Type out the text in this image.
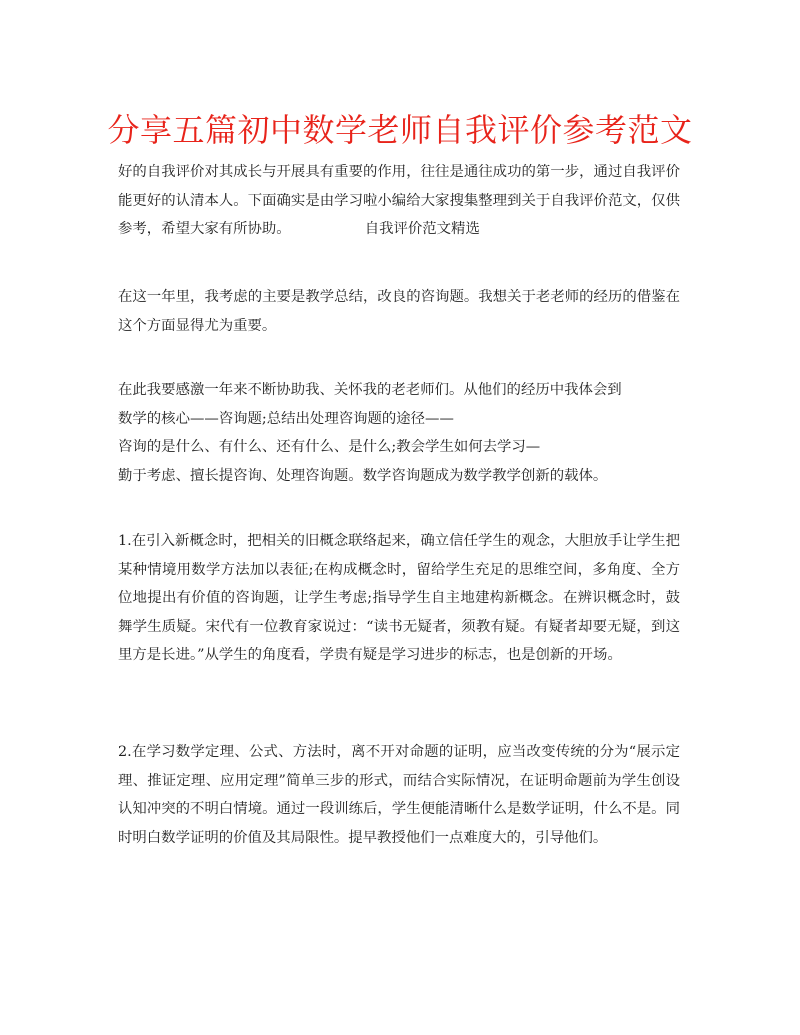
分享五篇初中数学老师自我评价参考范文

好的自我评价对其成长与开展具有重要的作用，往往是通往成功的第一步，通过自我评价能更好的认清本人。下面确实是由学习啦小编给大家搜集整理到关于自我评价范文，仅供参考，希望大家有所协助。	自我评价范文精选

在这一年里，我考虑的主要是教学总结，改良的咨询题。我想关于老老师的经历的借鉴在这个方面显得尤为重要。

在此我要感激一年来不断协助我、关怀我的老老师们。从他们的经历中我体会到
数学的核心——咨询题;总结出处理咨询题的途径——
咨询的是什么、有什么、还有什么、是什么;教会学生如何去学习—
勤于考虑、擅长提咨询、处理咨询题。数学咨询题成为数学教学创新的载体。

1.在引入新概念时，把相关的旧概念联络起来，确立信任学生的观念，大胆放手让学生把某种情境用数学方法加以表征;在构成概念时，留给学生充足的思维空间，多角度、全方位地提出有价值的咨询题，让学生考虑;指导学生自主地建构新概念。在辨识概念时，鼓舞学生质疑。宋代有一位教育家说过：“读书无疑者，须教有疑。有疑者却要无疑，到这里方是长进。”从学生的角度看，学贵有疑是学习进步的标志，也是创新的开场。

2.在学习数学定理、公式、方法时，离不开对命题的证明，应当改变传统的分为“展示定理、推证定理、应用定理”简单三步的形式，而结合实际情况，在证明命题前为学生创设认知冲突的不明白情境。通过一段训练后，学生便能清晰什么是数学证明，什么不是。同时明白数学证明的价值及其局限性。提早教授他们一点难度大的，引导他们。
